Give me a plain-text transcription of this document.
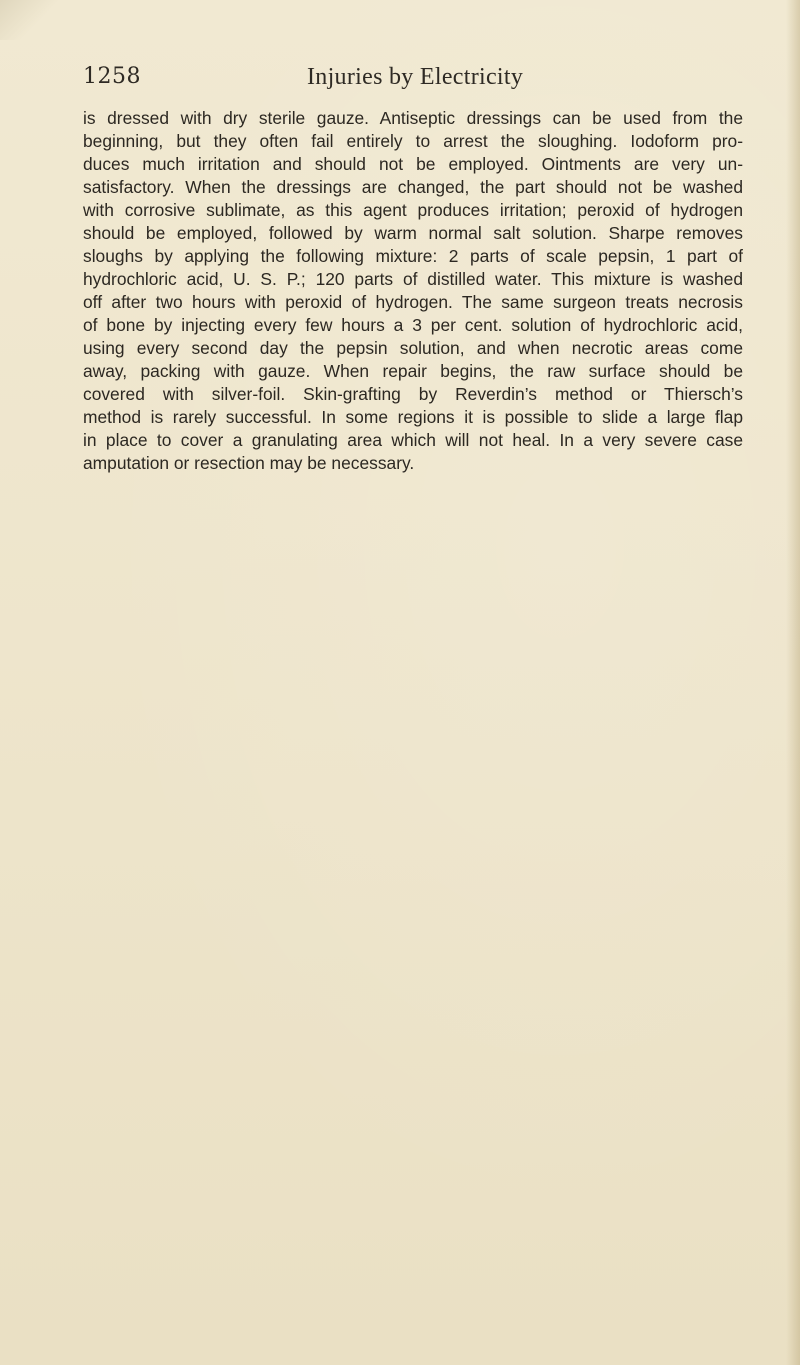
1258	Injuries by Electricity
is dressed with dry sterile gauze. Antiseptic dressings can be used from the
beginning, but they often fail entirely to arrest the sloughing. Iodoform pro-
duces much irritation and should not be employed. Ointments are very un-
satisfactory. When the dressings are changed, the part should not be washed
with corrosive sublimate, as this agent produces irritation; peroxid of hydrogen
should be employed, followed by warm normal salt solution. Sharpe removes
sloughs by applying the following mixture: 2 parts of scale pepsin, 1 part of
hydrochloric acid, U. S. P.; 120 parts of distilled water. This mixture is washed
off after two hours with peroxid of hydrogen. The same surgeon treats necrosis
of bone by injecting every few hours a 3 per cent. solution of hydrochloric acid,
using every second day the pepsin solution, and when necrotic areas come
away, packing with gauze. When repair begins, the raw surface should be
covered with silver-foil. Skin-grafting by Reverdin’s method or Thiersch’s
method is rarely successful. In some regions it is possible to slide a large flap
in place to cover a granulating area which will not heal. In a very severe case
amputation or resection may be necessary.
